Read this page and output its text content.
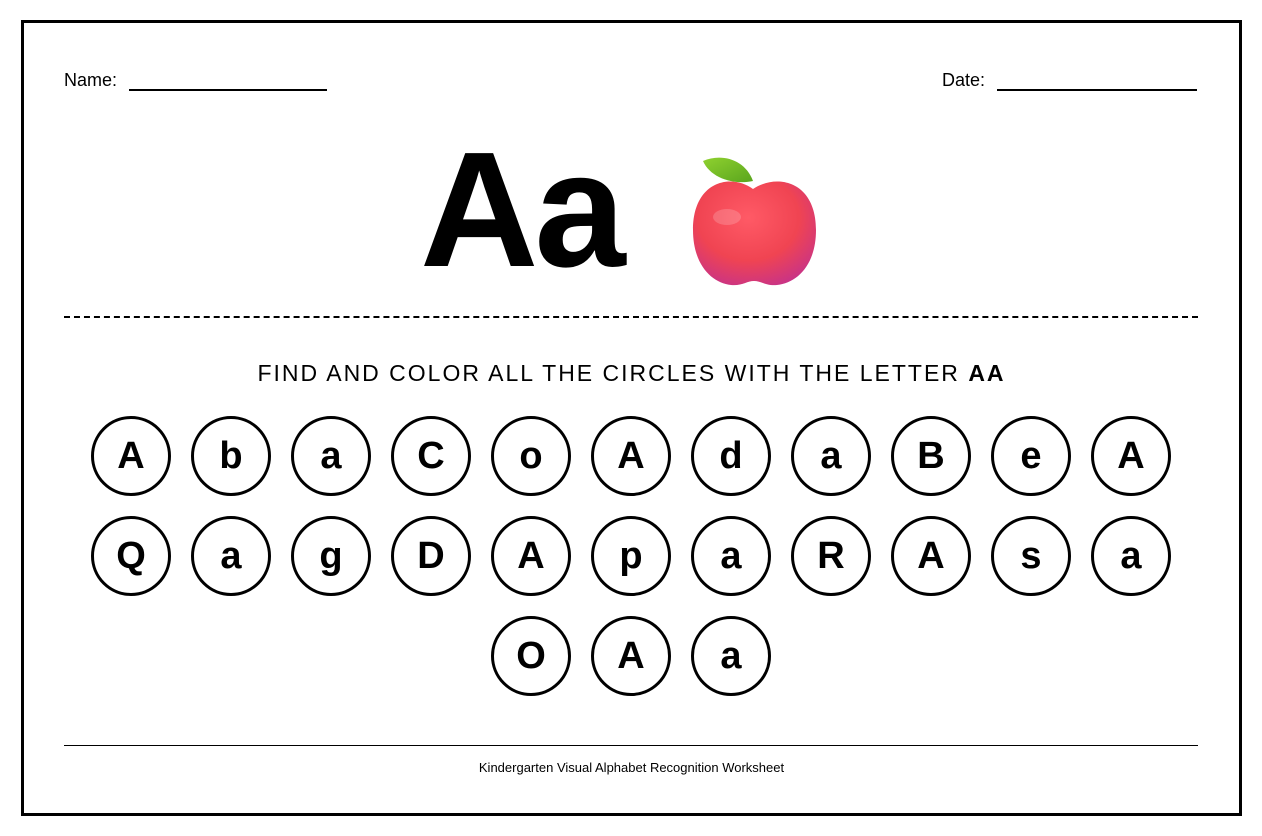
Name:	Date:
Aa
FIND AND COLOR ALL THE CIRCLES WITH THE LETTER AA
A	b	a	C	o	A	d	a	B	e	A
Q	a	g	D	A	p	a	R	A	s	a
O	A	a
Kindergarten Visual Alphabet Recognition Worksheet
